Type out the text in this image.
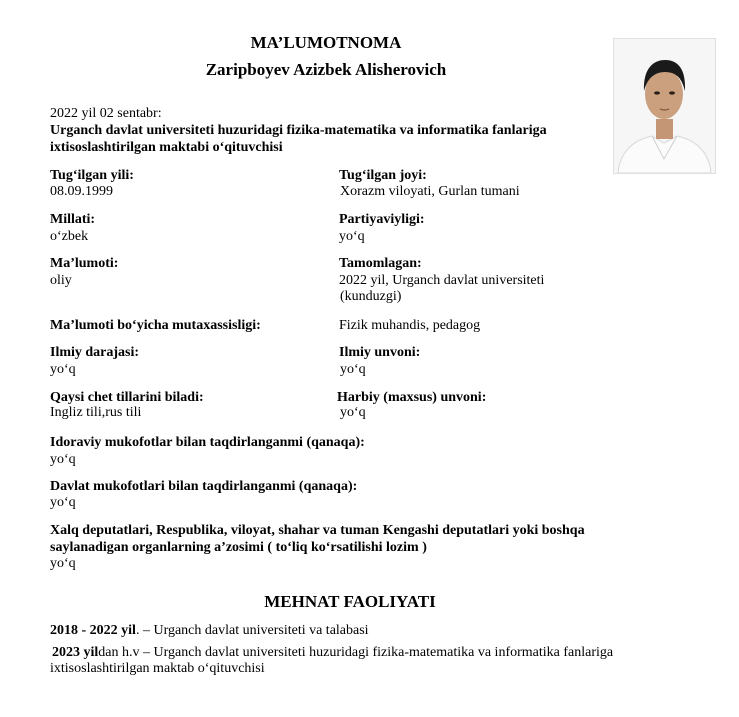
MA’LUMOTNOMA
Zaripboyev Azizbek Alisherovich
2022 yil 02 sentabr:
Urganch davlat universiteti huzuridagi fizika-matematika va informatika fanlariga
ixtisoslashtirilgan maktabi o‘qituvchisi
Tug‘ilgan yili:
08.09.1999
Tug‘ilgan joyi:
Xorazm viloyati, Gurlan tumani
Millati:
o‘zbek
Partiyaviyligi:
yo‘q
Ma’lumoti:
oliy
Tamomlagan:
2022 yil, Urganch davlat universiteti
(kunduzgi)
Ma’lumoti bo‘yicha mutaxassisligi:	Fizik muhandis, pedagog
Ilmiy darajasi:
yo‘q
Ilmiy unvoni:
yo‘q
Qaysi chet tillarini biladi:
Ingliz tili,rus tili
Harbiy (maxsus) unvoni:
yo‘q
Idoraviy mukofotlar bilan taqdirlanganmi (qanaqa):
yo‘q
Davlat mukofotlari bilan taqdirlanganmi (qanaqa):
yo‘q
Xalq deputatlari, Respublika, viloyat, shahar va tuman Kengashi deputatlari yoki boshqa
saylanadigan organlarning a’zosimi ( to‘liq ko‘rsatilishi lozim )
yo‘q
MEHNAT FAOLIYATI
2018 - 2022 yil. – Urganch davlat universiteti va talabasi
2023 yildan h.v – Urganch davlat universiteti huzuridagi fizika-matematika va informatika fanlariga
ixtisoslashtirilgan maktab o‘qituvchisi
